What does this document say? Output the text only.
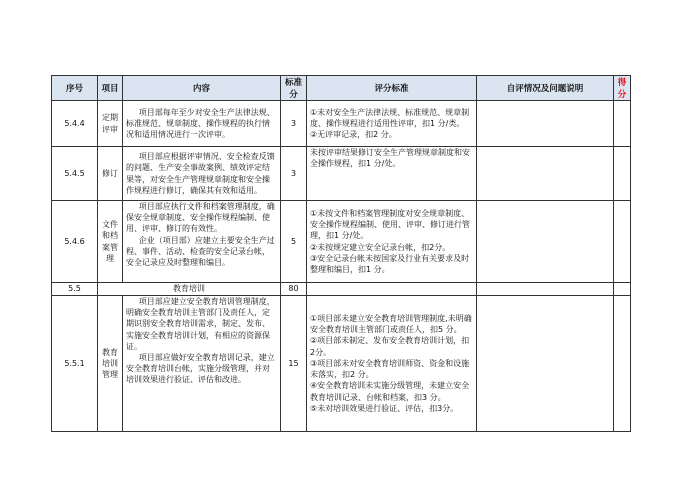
序号	项目	内容	标准分	评分标准	自评情况及问题说明	得分
5.4.4	定期评审	项目部每年至少对安全生产法律法规、标准规范、规章制度、操作规程的执行情况和适用情况进行一次评审。	3	①未对安全生产法律法规、标准规范、规章制度、操作规程进行适用性评审，扣1 分/类。
②无评审记录，扣2 分。		

5.4.5	修订	项目部应根据评审情况、安全检查反馈的问题、生产安全事故案例、绩效评定结果等，对安全生产管理规章制度和安全操作规程进行修订，确保其有效和适用。	3	未按评审结果修订安全生产管理规章制度和安全操作规程，扣1 分/处。		

5.4.6	文件和档案管理	项目部应执行文件和档案管理制度，确保安全规章制度、安全操作规程编制、使用、评审、修订的有效性。
企业（项目部）应建立主要安全生产过程、事件、活动、检查的安全记录台帐，安全记录应及时整理和编目。	5	①未按文件和档案管理制度对安全规章制度、安全操作规程编制、使用、评审、修订进行管理，扣1 分/处。
②未按规定建立安全记录台帐，扣2分。
③安全记录台帐未按国家及行业有关要求及时整理和编目，扣1 分。		

5.5	教育培训		80			
5.5.1	教育培训管理	项目部应建立安全教育培训管理制度，明确安全教育培训主管部门及责任人，定期识别安全教育培训需求，制定、发布、实施安全教育培训计划，有相应的资源保证。
项目部应做好安全教育培训记录，建立安全教育培训台帐，实施分级管理，并对培训效果进行验证、评估和改进。	15	①项目部未建立安全教育培训管理制度,未明确安全教育培训主管部门或责任人，扣5 分。
②项目部未制定、发布安全教育培训计划，扣2分。
③项目部未对安全教育培训师资、资金和设施未落实，扣2 分。
④安全教育培训未实施分级管理，未建立安全教育培训记录、台帐和档案，扣3 分。
⑤未对培训效果进行验证、评估，扣3分。		
